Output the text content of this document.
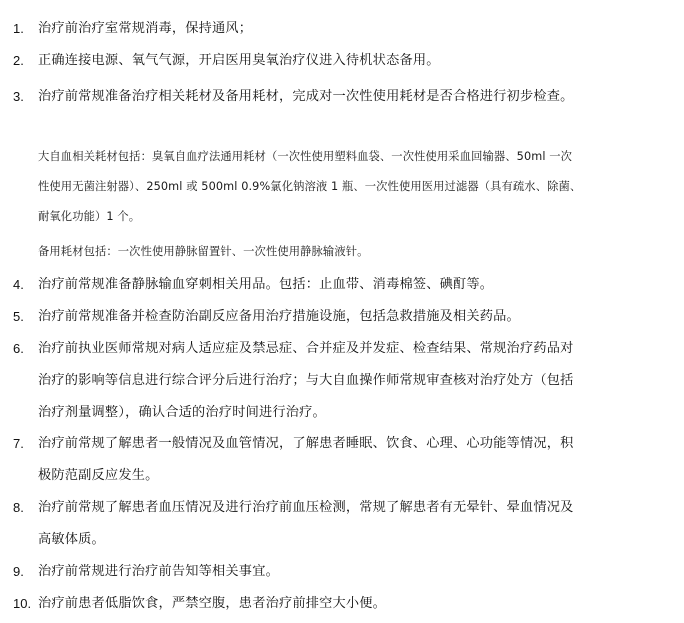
1. 治疗前治疗室常规消毒，保持通风；
2. 正确连接电源、氧气气源，开启医用臭氧治疗仪进入待机状态备用。
3. 治疗前常规准备治疗相关耗材及备用耗材，完成对一次性使用耗材是否合格进行初步检查。
大自血相关耗材包括：臭氧自血疗法通用耗材（一次性使用塑料血袋、一次性使用采血回输器、50ml 一次性使用无菌注射器）、250ml 或 500ml 0.9%氯化钠溶液 1 瓶、一次性使用医用过滤器（具有疏水、除菌、耐氧化功能）1 个。
备用耗材包括：一次性使用静脉留置针、一次性使用静脉输液针。
4. 治疗前常规准备静脉输血穿刺相关用品。包括：止血带、消毒棉签、碘酊等。
5. 治疗前常规准备并检查防治副反应备用治疗措施设施，包括急救措施及相关药品。
6. 治疗前执业医师常规对病人适应症及禁忌症、合并症及并发症、检查结果、常规治疗药品对治疗的影响等信息进行综合评分后进行治疗；与大自血操作师常规审查核对治疗处方（包括治疗剂量调整），确认合适的治疗时间进行治疗。
7. 治疗前常规了解患者一般情况及血管情况，了解患者睡眠、饮食、心理、心功能等情况，积极防范副反应发生。
8. 治疗前常规了解患者血压情况及进行治疗前血压检测，常规了解患者有无晕针、晕血情况及高敏体质。
9. 治疗前常规进行治疗前告知等相关事宜。
10. 治疗前患者低脂饮食，严禁空腹，患者治疗前排空大小便。
